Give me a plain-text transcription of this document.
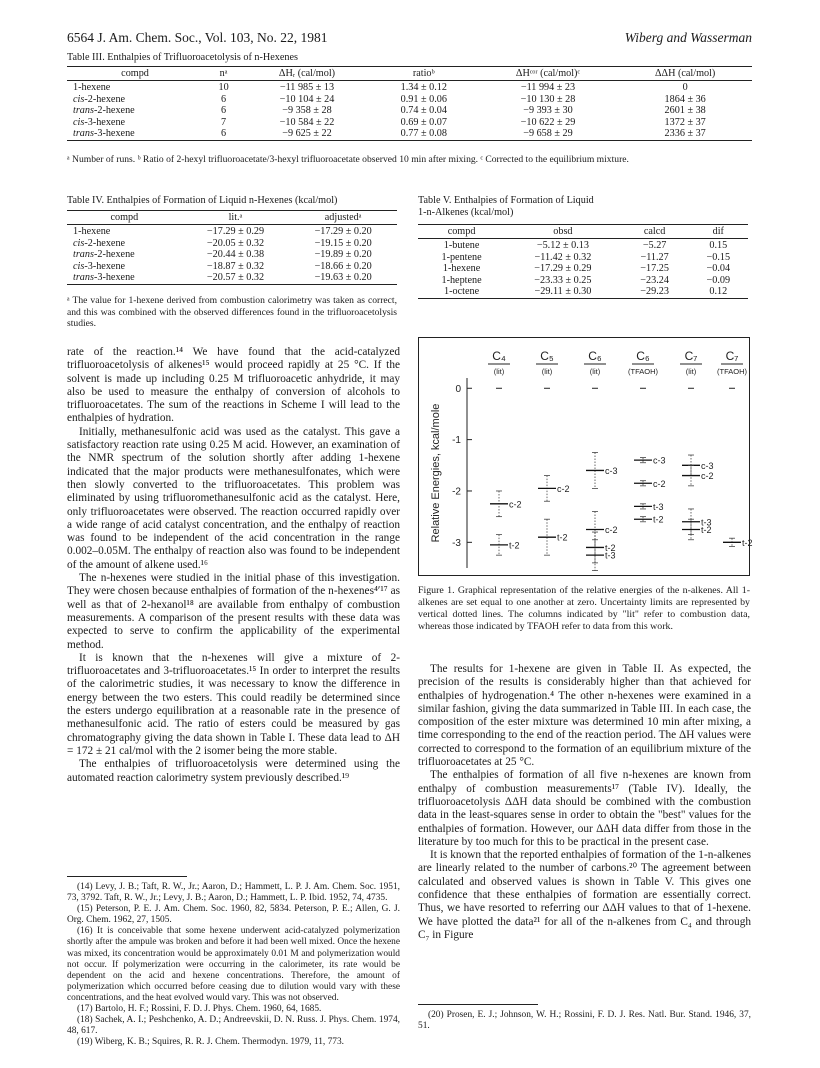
6564 J. Am. Chem. Soc., Vol. 103, No. 22, 1981	Wiberg and Wasserman
Table III. Enthalpies of Trifluoroacetolysis of n-Hexenes
compd	nᵃ	ΔHᵣ (cal/mol)	ratioᵇ	ΔHᶜᵒʳ (cal/mol)ᶜ	ΔΔH (cal/mol)
1-hexene	10	−11 985 ± 13	1.34 ± 0.12	−11 994 ± 23	0
cis-2-hexene	6	−10 104 ± 24	0.91 ± 0.06	−10 130 ± 28	1864 ± 36
trans-2-hexene	6	−9 358 ± 28	0.74 ± 0.04	−9 393 ± 30	2601 ± 38
cis-3-hexene	7	−10 584 ± 22	0.69 ± 0.07	−10 622 ± 29	1372 ± 37
trans-3-hexene	6	−9 625 ± 22	0.77 ± 0.08	−9 658 ± 29	2336 ± 37
ᵃ Number of runs. ᵇ Ratio of 2-hexyl trifluoroacetate/3-hexyl trifluoroacetate observed 10 min after mixing. ᶜ Corrected to the equilibrium mixture.
Table IV. Enthalpies of Formation of Liquid n-Hexenes (kcal/mol)
compd	lit.ᵃ	adjustedᵃ
1-hexene	−17.29 ± 0.29	−17.29 ± 0.20
cis-2-hexene	−20.05 ± 0.32	−19.15 ± 0.20
trans-2-hexene	−20.44 ± 0.38	−19.89 ± 0.20
cis-3-hexene	−18.87 ± 0.32	−18.66 ± 0.20
trans-3-hexene	−20.57 ± 0.32	−19.63 ± 0.20
ᵃ The value for 1-hexene derived from combustion calorimetry was taken as correct, and this was combined with the observed differences found in the trifluoroacetolysis studies.
Table V. Enthalpies of Formation of Liquid
1-n-Alkenes (kcal/mol)
compd	obsd	calcd	dif
1-butene	−5.12 ± 0.13	−5.27	0.15
1-pentene	−11.42 ± 0.32	−11.27	−0.15
1-hexene	−17.29 ± 0.29	−17.25	−0.04
1-heptene	−23.33 ± 0.25	−23.24	−0.09
1-octene	−29.11 ± 0.30	−29.23	0.12

rate of the reaction.¹⁴ We have found that the acid-catalyzed trifluoroacetolysis of alkenes¹⁵ would proceed rapidly at 25 °C. If the solvent is made up including 0.25 M trifluoroacetic anhydride, it may also be used to measure the enthalpy of conversion of alcohols to trifluoroacetates. The sum of the reactions in Scheme I will lead to the enthalpies of hydration.

Initially, methanesulfonic acid was used as the catalyst. This gave a satisfactory reaction rate using 0.25 M acid. However, an examination of the NMR spectrum of the solution shortly after adding 1-hexene indicated that the major products were methanesulfonates, which were then slowly converted to the trifluoroacetates. This problem was eliminated by using trifluoromethanesulfonic acid as the catalyst. Here, only trifluoroacetates were observed. The reaction occurred rapidly over a wide range of acid catalyst concentration, and the enthalpy of reaction was found to be independent of the acid concentration in the range 0.002–0.05M. The enthalpy of reaction also was found to be independent of the amount of alkene used.¹⁶

The n-hexenes were studied in the initial phase of this investigation. They were chosen because enthalpies of formation of the n-hexenes⁴ʹ¹⁷ as well as that of 2-hexanol¹⁸ are available from enthalpy of combustion measurements. A comparison of the present results with these data was expected to serve to confirm the applicability of the experimental method.

It is known that the n-hexenes will give a mixture of 2-trifluoroacetates and 3-trifluoroacetates.¹⁵ In order to interpret the results of the calorimetric studies, it was necessary to know the difference in energy between the two esters. This could readily be determined since the esters undergo equilibration at a reasonable rate in the presence of methanesulfonic acid. The ratio of esters could be measured by gas chromatography giving the data shown in Table I. These data lead to ΔH = 172 ± 21 cal/mol with the 2 isomer being the more stable.

The enthalpies of trifluoroacetolysis were determined using the automated reaction calorimetry system previously described.¹⁹

(14) Levy, J. B.; Taft, R. W., Jr.; Aaron, D.; Hammett, L. P. J. Am. Chem. Soc. 1951, 73, 3792. Taft, R. W., Jr.; Levy, J. B.; Aaron, D.; Hammett, L. P. Ibid. 1952, 74, 4735.

(15) Peterson, P. E. J. Am. Chem. Soc. 1960, 82, 5834. Peterson, P. E.; Allen, G. J. Org. Chem. 1962, 27, 1505.

(16) It is conceivable that some hexene underwent acid-catalyzed polymerization shortly after the ampule was broken and before it had been well mixed. Once the hexene was mixed, its concentration would be approximately 0.01 M and polymerization would not occur. If polymerization were occurring in the calorimeter, its rate would be dependent on the acid and hexene concentrations. Therefore, the amount of polymerization which occurred before ceasing due to dilution would vary with these concentrations, and the heat evolved would vary. This was not observed.

(17) Bartolo, H. F.; Rossini, F. D. J. Phys. Chem. 1960, 64, 1685.

(18) Sachek, A. I.; Peshchenko, A. D.; Andreevskii, D. N. Russ. J. Phys. Chem. 1974, 48, 617.

(19) Wiberg, K. B.; Squires, R. R. J. Chem. Thermodyn. 1979, 11, 773.

0
-1
-2
-3
Relative Energies, kcal/mole
C₄
(lit)
C₅
(lit)
C₆
(lit)
C₆
(TFAOH)
C₇
(lit)
C₇
(TFAOH)
c-2
t-2
c-2
t-2
c-3
c-2
t-2
t-3
c-3
c-2
t-3
t-2
c-3
c-2
t-3
t-2
t-2
Figure 1. Graphical representation of the relative energies of the n-alkenes. All 1-alkenes are set equal to one another at zero. Uncertainty limits are represented by vertical dotted lines. The columns indicated by "lit" refer to combustion data, whereas those indicated by TFAOH refer to data from this work.

The results for 1-hexene are given in Table II. As expected, the precision of the results is considerably higher than that achieved for enthalpies of hydrogenation.⁴ The other n-hexenes were examined in a similar fashion, giving the data summarized in Table III. In each case, the composition of the ester mixture was determined 10 min after mixing, a time corresponding to the end of the reaction period. The ΔH values were corrected to correspond to the formation of an equilibrium mixture of the trifluoroacetates at 25 °C.

The enthalpies of formation of all five n-hexenes are known from enthalpy of combustion measurements¹⁷ (Table IV). Ideally, the trifluoroacetolysis ΔΔH data should be combined with the combustion data in the least-squares sense in order to obtain the "best" values for the enthalpies of formation. However, our ΔΔH data differ from those in the literature by too much for this to be practical in the present case.

It is known that the reported enthalpies of formation of the 1-n-alkenes are linearly related to the number of carbons.²⁰ The agreement between calculated and observed values is shown in Table V. This gives one confidence that these enthalpies of formation are essentially correct. Thus, we have resorted to referring our ΔΔH values to that of 1-hexene. We have plotted the data²¹ for all of the n-alkenes from C₄ and through C₇ in Figure

(20) Prosen, E. J.; Johnson, W. H.; Rossini, F. D. J. Res. Natl. Bur. Stand. 1946, 37, 51.
